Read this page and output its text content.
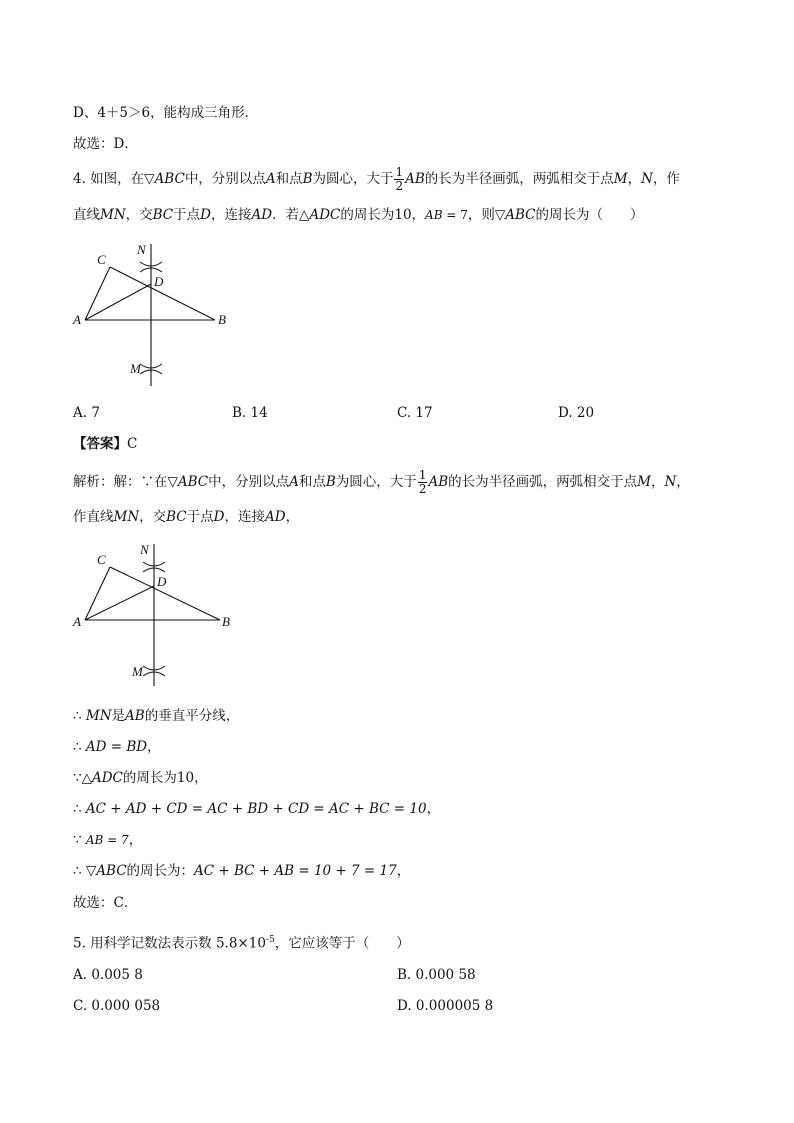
D、4＋5＞6，能构成三角形．
故选：D．
4. 如图，在▽ABC中，分别以点A和点B为圆心，大于 $\frac{1}{2}$ AB的长为半径画弧，两弧相交于点M，N，作
直线MN，交BC于点D，连接AD．若△ADC的周长为10，AB = 7，则▽ABC的周长为（　　）
C
N
D
A	B
M
A. 7	B. 14	C. 17	D. 20
【答案】C
解析：解：∵在▽ABC中，分别以点A和点B为圆心，大于 $\frac{1}{2}$ AB的长为半径画弧，两弧相交于点M，N，
作直线MN，交BC于点D，连接AD，
C
N
D
A	B
M
∴ MN是AB的垂直平分线，
∴ AD = BD，
∵△ADC的周长为10，
∴ AC + AD + CD = AC + BD + CD = AC + BC = 10，
∵ AB = 7，
∴ ▽ABC的周长为：AC + BC + AB = 10 + 7 = 17，
故选：C．
5. 用科学记数法表示数 $5.8\times 10^{-5}$，它应该等于（　　）
A. 0.005 8	B. 0.000 58
C. 0.000 058	D. 0.000005 8
